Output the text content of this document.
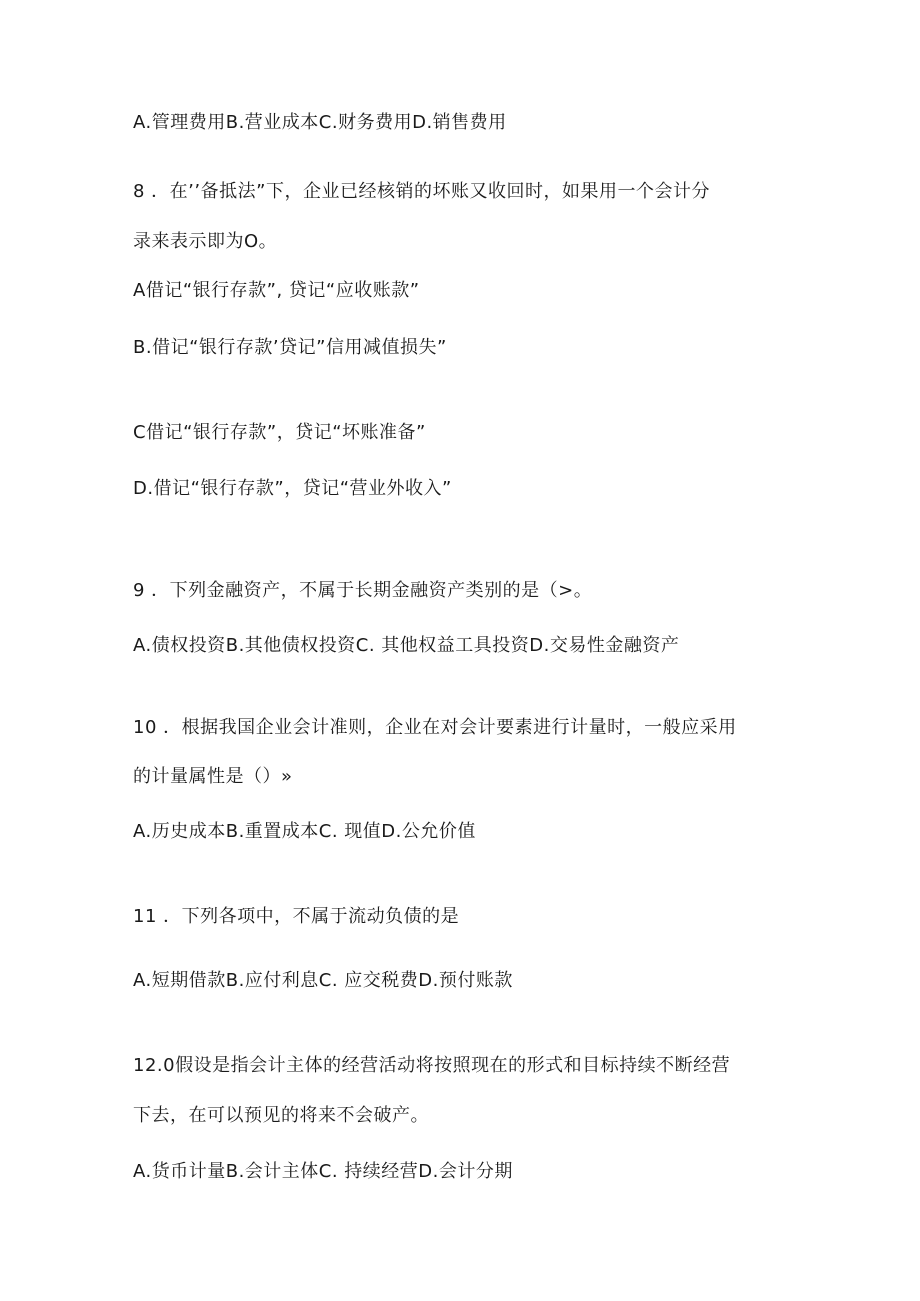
A.管理费用B.营业成本C.财务费用D.销售费用
8 ．在’’备抵法”下，企业已经核销的坏账又收回时，如果用一个会计分
录来表示即为O。
A借记“银行存款”, 贷记“应收账款”
B.借记“银行存款’贷记”信用减值损失”
C借记“银行存款”，贷记“坏账准备”
D.借记“银行存款”，贷记“营业外收入”
9 ．下列金融资产，不属于长期金融资产类别的是（>。
A.债权投资B.其他债权投资C. 其他权益工具投资D.交易性金融资产
10 ．根据我国企业会计准则，企业在对会计要素进行计量时，一般应采用
的计量属性是（）»
A.历史成本B.重置成本C. 现值D.公允价值
11 ．下列各项中，不属于流动负债的是
A.短期借款B.应付利息C. 应交税费D.预付账款
12.0假设是指会计主体的经营活动将按照现在的形式和目标持续不断经营
下去，在可以预见的将来不会破产。
A.货币计量B.会计主体C. 持续经营D.会计分期
